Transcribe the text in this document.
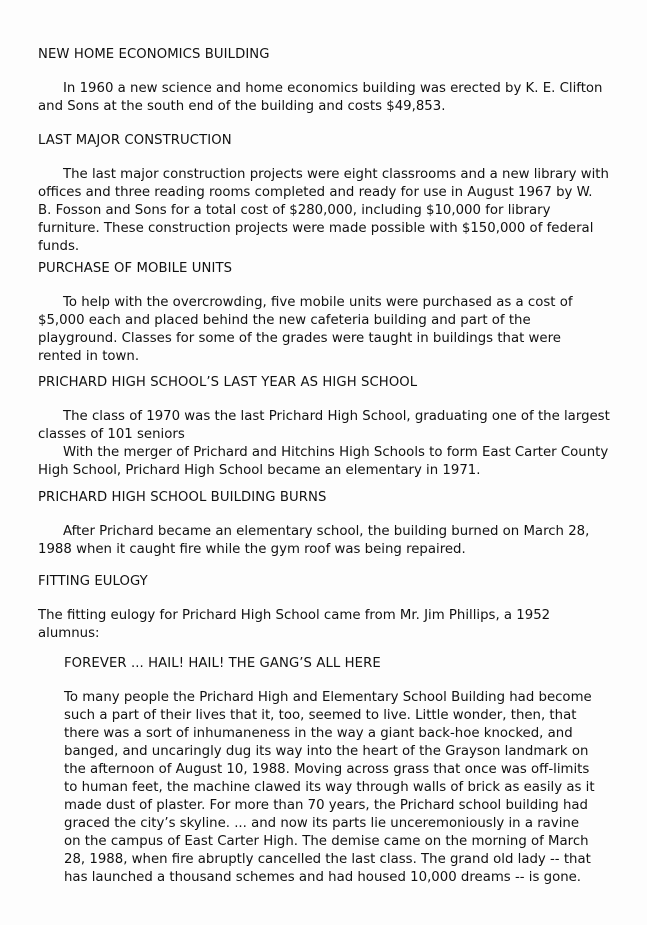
NEW HOME ECONOMICS BUILDING

In 1960 a new science and home economics building was erected by K. E. Clifton
and Sons at the south end of the building and costs $49,853.

LAST MAJOR CONSTRUCTION

The last major construction projects were eight classrooms and a new library with
offices and three reading rooms completed and ready for use in August 1967 by W.
B. Fosson and Sons for a total cost of $280,000, including $10,000 for library
furniture. These construction projects were made possible with $150,000 of federal
funds.

PURCHASE OF MOBILE UNITS

To help with the overcrowding, five mobile units were purchased as a cost of
$5,000 each and placed behind the new cafeteria building and part of the
playground. Classes for some of the grades were taught in buildings that were
rented in town.

PRICHARD HIGH SCHOOL’S LAST YEAR AS HIGH SCHOOL

The class of 1970 was the last Prichard High School, graduating one of the largest
classes of 101 seniors
With the merger of Prichard and Hitchins High Schools to form East Carter County
High School, Prichard High School became an elementary in 1971.

PRICHARD HIGH SCHOOL BUILDING BURNS

After Prichard became an elementary school, the building burned on March 28,
1988 when it caught fire while the gym roof was being repaired.

FITTING EULOGY

The fitting eulogy for Prichard High School came from Mr. Jim Phillips, a 1952
alumnus:

FOREVER ... HAIL! HAIL! THE GANG’S ALL HERE

To many people the Prichard High and Elementary School Building had become
such a part of their lives that it, too, seemed to live. Little wonder, then, that
there was a sort of inhumaneness in the way a giant back-hoe knocked, and
banged, and uncaringly dug its way into the heart of the Grayson landmark on
the afternoon of August 10, 1988. Moving across grass that once was off-limits
to human feet, the machine clawed its way through walls of brick as easily as it
made dust of plaster. For more than 70 years, the Prichard school building had
graced the city’s skyline. ... and now its parts lie unceremoniously in a ravine
on the campus of East Carter High. The demise came on the morning of March
28, 1988, when fire abruptly cancelled the last class. The grand old lady -- that
has launched a thousand schemes and had housed 10,000 dreams -- is gone.
